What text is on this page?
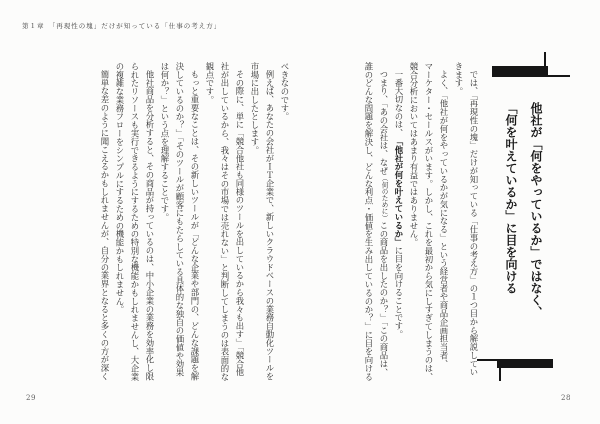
第１章　「再現性の塊」だけが知っている「仕事の考え方」
他社が「何をやっているか」ではなく、
「何を叶えているか」に目を向ける
では、「再現性の塊」だけが知っている「仕事の考え方」の１つ目から解説してい
きます。
よく、「他社が何をやっているかが気になる」という経営者や商品企画担当者、
マーケター・セールスがいます。しかし、これを最初から気にしすぎてしまうのは、
競合分析においてはあまり有益ではありません。
一番大切なのは、「他社が何を叶えているか」に目を向けることです。
つまり、「あの会社は、なぜ（何のために）この商品を出したのか？」「この商品は、
誰のどんな問題を解決し、どんな利点・価値を生み出しているのか？」に目を向ける
べきなのです。
例えば、あなたの会社がＩＴ企業で、新しいクラウドベースの業務自動化ツールを
市場に出したとします。
その際に、単に「競合他社も同様のツールを出しているから我々も出す」「競合他
社が出しているから、我々はその市場では売れない」と判断してしまうのは表面的な
観点です。
もっと重要なことは、その新しいツールが「どんな企業や部門の、どんな課題を解
決しているのか？」「そのツールが顧客にもたらしている具体的な独自の価値や効果
は何か？」という点を理解することです。
他社商品を分析すると、その商品が持っているのは、中小企業の業務を効率化し限
られたリソースも実行できるようにするための特別な機能かもしれませんし、大企業
の複雑な業務フローをシンプルにするための機能かもしれません。
簡単な差のように聞こえるかもしれませんが、自分の業界となると多くの方が深く
29	28
